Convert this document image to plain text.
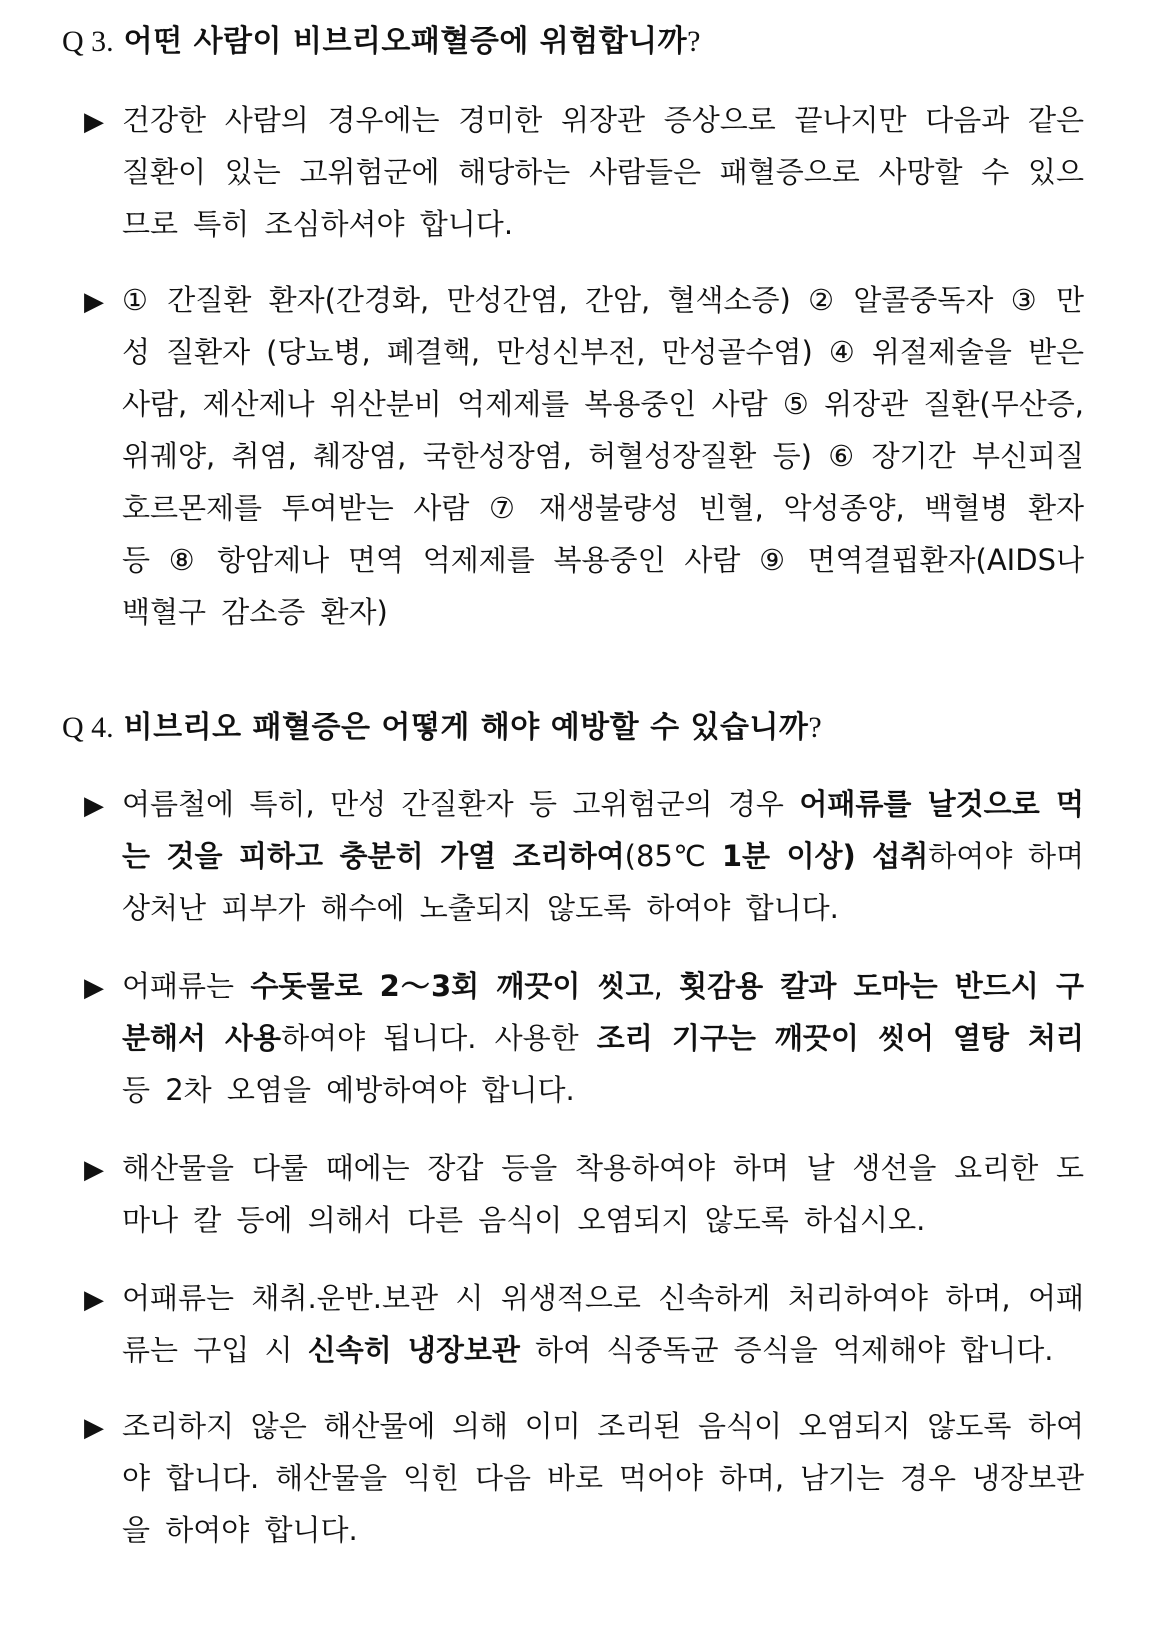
Q 3. 어떤 사람이 비브리오패혈증에 위험합니까?
▶ 건강한 사람의 경우에는 경미한 위장관 증상으로 끝나지만 다음과 같은 질환이 있는 고위험군에 해당하는 사람들은 패혈증으로 사망할 수 있으므로 특히 조심하셔야 합니다.
▶ ① 간질환 환자(간경화, 만성간염, 간암, 혈색소증) ② 알콜중독자 ③ 만성 질환자 (당뇨병, 폐결핵, 만성신부전, 만성골수염) ④ 위절제술을 받은 사람, 제산제나 위산분비 억제제를 복용중인 사람 ⑤ 위장관 질환(무산증, 위궤양, 취염, 췌장염, 국한성장염, 허혈성장질환 등) ⑥ 장기간 부신피질호르몬제를 투여받는 사람 ⑦ 재생불량성 빈혈, 악성종양, 백혈병 환자 등 ⑧ 항암제나 면역 억제제를 복용중인 사람 ⑨ 면역결핍환자(AIDS나 백혈구 감소증 환자)
Q 4. 비브리오 패혈증은 어떻게 해야 예방할 수 있습니까?
▶ 여름철에 특히, 만성 간질환자 등 고위험군의 경우 어패류를 날것으로 먹는 것을 피하고 충분히 가열 조리하여(85℃ 1분 이상) 섭취하여야 하며 상처난 피부가 해수에 노출되지 않도록 하여야 합니다.
▶ 어패류는 수돗물로 2～3회 깨끗이 씻고, 횟감용 칼과 도마는 반드시 구분해서 사용하여야 됩니다. 사용한 조리 기구는 깨끗이 씻어 열탕 처리 등 2차 오염을 예방하여야 합니다.
▶ 해산물을 다룰 때에는 장갑 등을 착용하여야 하며 날 생선을 요리한 도마나 칼 등에 의해서 다른 음식이 오염되지 않도록 하십시오.
▶ 어패류는 채취.운반.보관 시 위생적으로 신속하게 처리하여야 하며, 어패류는 구입 시 신속히 냉장보관 하여 식중독균 증식을 억제해야 합니다.
▶ 조리하지 않은 해산물에 의해 이미 조리된 음식이 오염되지 않도록 하여야 합니다. 해산물을 익힌 다음 바로 먹어야 하며, 남기는 경우 냉장보관을 하여야 합니다.
